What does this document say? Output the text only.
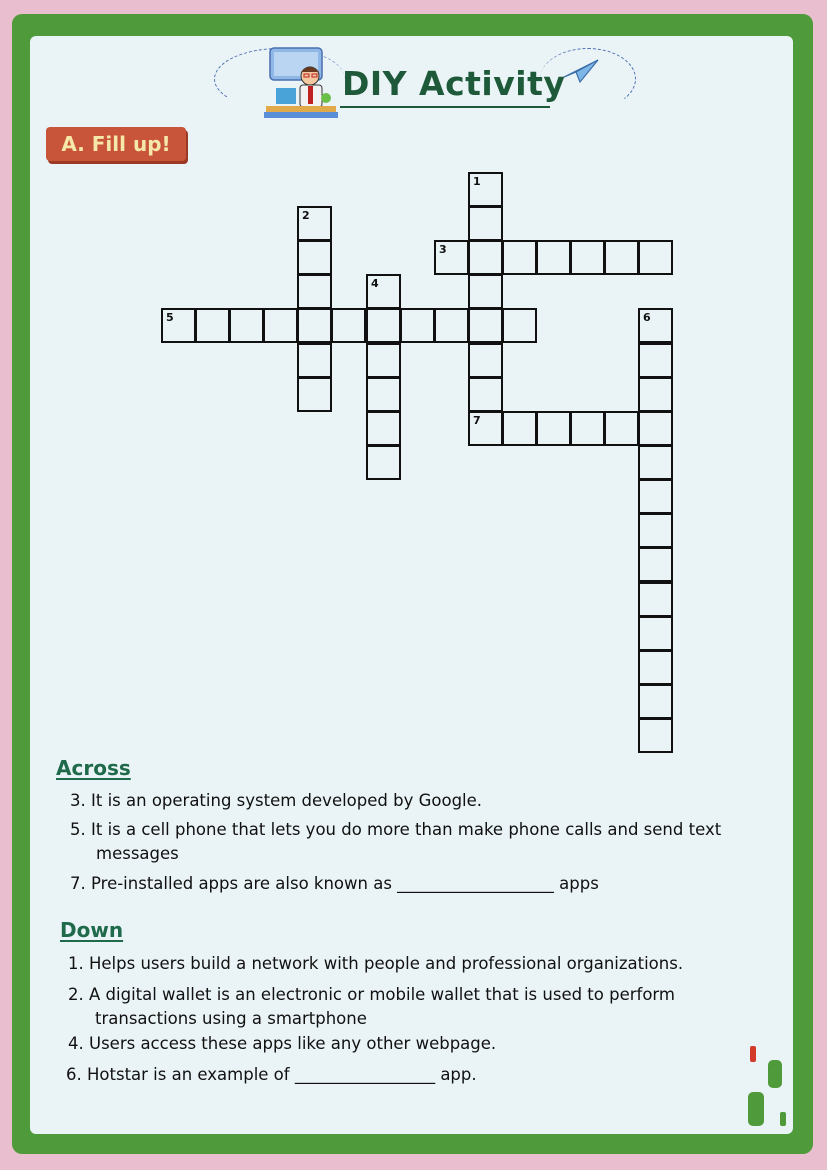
DIY Activity
A. Fill up!
1
7
2
3
4
5	6
Across
3. It is an operating system developed by Google.
5. It is a cell phone that lets you do more than make phone calls and send text
messages
7. Pre-installed apps are also known as ___________________ apps
Down
1. Helps users build a network with people and professional organizations.
2. A digital wallet is an electronic or mobile wallet that is used to perform
transactions using a smartphone
4. Users access these apps like any other webpage.
6. Hotstar is an example of _________________ app.
